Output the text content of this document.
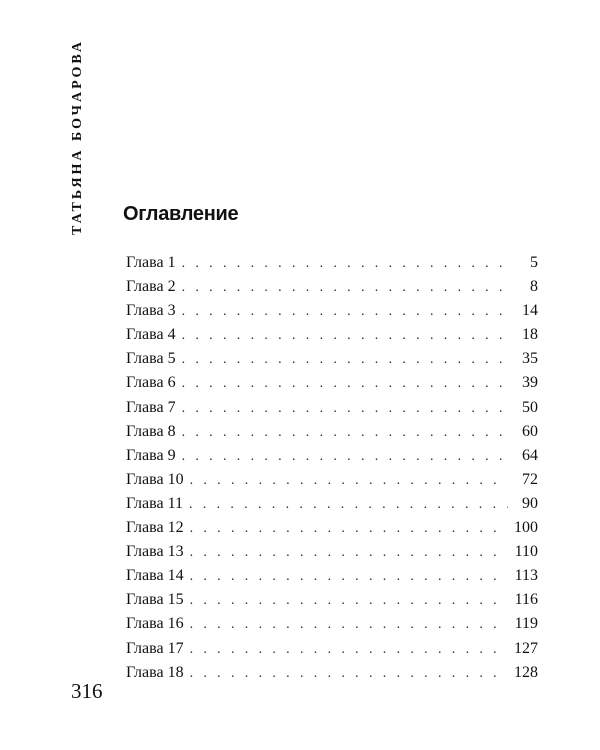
ТАТЬЯНА БОЧАРОВА Оглавление
Глава 1 . . .	5
Глава 2 . . .	8
Глава 3 . . .	14
Глава 4 . . .	18
Глава 5 . . .	35
Глава 6 . . .	39
Глава 7 . . .	50
Глава 8 . . .	60
Глава 9 . . .	64
Глава 10 . . .	72
Глава 11 . . .	90
Глава 12 . . .	100
Глава 13 . . .	110
Глава 14 . . .	113
Глава 15 . . .	116
Глава 16 . . .	119
Глава 17 . . .	127
Глава 18 . . .	128
316
